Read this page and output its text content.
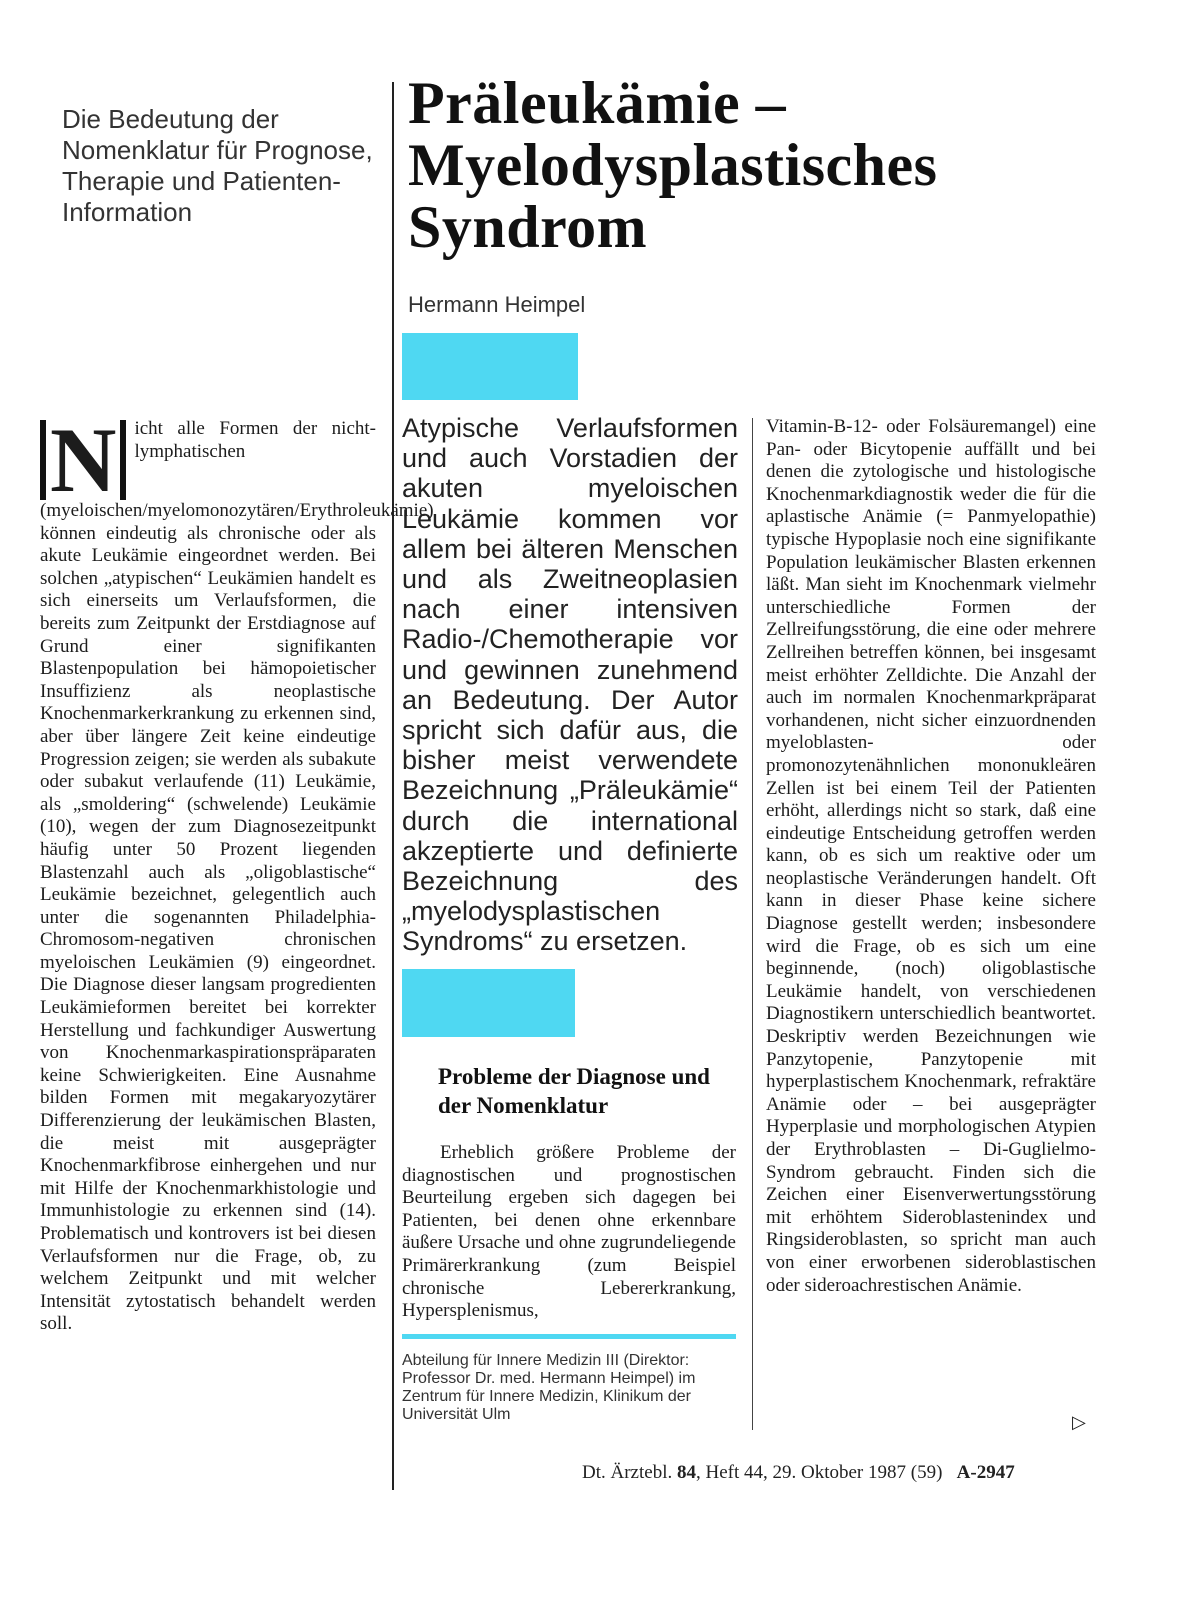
Die Bedeutung der Nomenklatur für Prognose, Therapie und Patienten-Information
Präleukämie – Myelodysplastisches Syndrom
Hermann Heimpel
N icht alle Formen der nicht-lymphatischen (myeloischen/myelomonozytären/Erythroleukämie) können eindeutig als chronische oder als akute Leukämie eingeordnet werden. Bei solchen „atypischen“ Leukämien handelt es sich einerseits um Verlaufsformen, die bereits zum Zeitpunkt der Erstdiagnose auf Grund einer signifikanten Blastenpopulation bei hämopoietischer Insuffizienz als neoplastische Knochenmarkerkrankung zu erkennen sind, aber über längere Zeit keine eindeutige Progression zeigen; sie werden als subakute oder subakut verlaufende (11) Leukämie, als „smoldering“ (schwelende) Leukämie (10), wegen der zum Diagnosezeitpunkt häufig unter 50 Prozent liegenden Blastenzahl auch als „oligoblastische“ Leukämie bezeichnet, gelegentlich auch unter die sogenannten Philadelphia-Chromosom-negativen chronischen myeloischen Leukämien (9) eingeordnet. Die Diagnose dieser langsam progredienten Leukämieformen bereitet bei korrekter Herstellung und fachkundiger Auswertung von Knochenmarkaspirationspräparaten keine Schwierigkeiten. Eine Ausnahme bilden Formen mit megakaryozytärer Differenzierung der leukämischen Blasten, die meist mit ausgeprägter Knochenmarkfibrose einhergehen und nur mit Hilfe der Knochenmarkhistologie und Immunhistologie zu erkennen sind (14). Problematisch und kontrovers ist bei diesen Verlaufsformen nur die Frage, ob, zu welchem Zeitpunkt und mit welcher Intensität zytostatisch behandelt werden soll.
Atypische Verlaufsformen und auch Vorstadien der akuten myeloischen Leukämie kommen vor allem bei älteren Menschen und als Zweitneoplasien nach einer intensiven Radio-/Chemotherapie vor und gewinnen zunehmend an Bedeutung. Der Autor spricht sich dafür aus, die bisher meist verwendete Bezeichnung „Präleukämie“ durch die international akzeptierte und definierte Bezeichnung des „myelodysplastischen Syndroms“ zu ersetzen.
Probleme der Diagnose und der Nomenklatur

Erheblich größere Probleme der diagnostischen und prognostischen Beurteilung ergeben sich dagegen bei Patienten, bei denen ohne erkennbare äußere Ursache und ohne zugrundeliegende Primärerkrankung (zum Beispiel chronische Lebererkrankung, Hypersplenismus,

Abteilung für Innere Medizin III (Direktor: Professor Dr. med. Hermann Heimpel) im Zentrum für Innere Medizin, Klinikum der Universität Ulm
Vitamin-B-12- oder Folsäuremangel) eine Pan- oder Bicytopenie auffällt und bei denen die zytologische und histologische Knochenmarkdiagnostik weder die für die aplastische Anämie (= Panmyelopathie) typische Hypoplasie noch eine signifikante Population leukämischer Blasten erkennen läßt. Man sieht im Knochenmark vielmehr unterschiedliche Formen der Zellreifungsstörung, die eine oder mehrere Zellreihen betreffen können, bei insgesamt meist erhöhter Zelldichte. Die Anzahl der auch im normalen Knochenmarkpräparat vorhandenen, nicht sicher einzuordnenden myeloblasten- oder promonozytenähnlichen mononukleären Zellen ist bei einem Teil der Patienten erhöht, allerdings nicht so stark, daß eine eindeutige Entscheidung getroffen werden kann, ob es sich um reaktive oder um neoplastische Veränderungen handelt. Oft kann in dieser Phase keine sichere Diagnose gestellt werden; insbesondere wird die Frage, ob es sich um eine beginnende, (noch) oligoblastische Leukämie handelt, von verschiedenen Diagnostikern unterschiedlich beantwortet. Deskriptiv werden Bezeichnungen wie Panzytopenie, Panzytopenie mit hyperplastischem Knochenmark, refraktäre Anämie oder – bei ausgeprägter Hyperplasie und morphologischen Atypien der Erythroblasten – Di-Guglielmo-Syndrom gebraucht. Finden sich die Zeichen einer Eisenverwertungsstörung mit erhöhtem Sideroblastenindex und Ringsideroblasten, so spricht man auch von einer erworbenen sideroblastischen oder sideroachrestischen Anämie.
▷
Dt. Ärztebl. 84, Heft 44, 29. Oktober 1987 (59) A-2947
